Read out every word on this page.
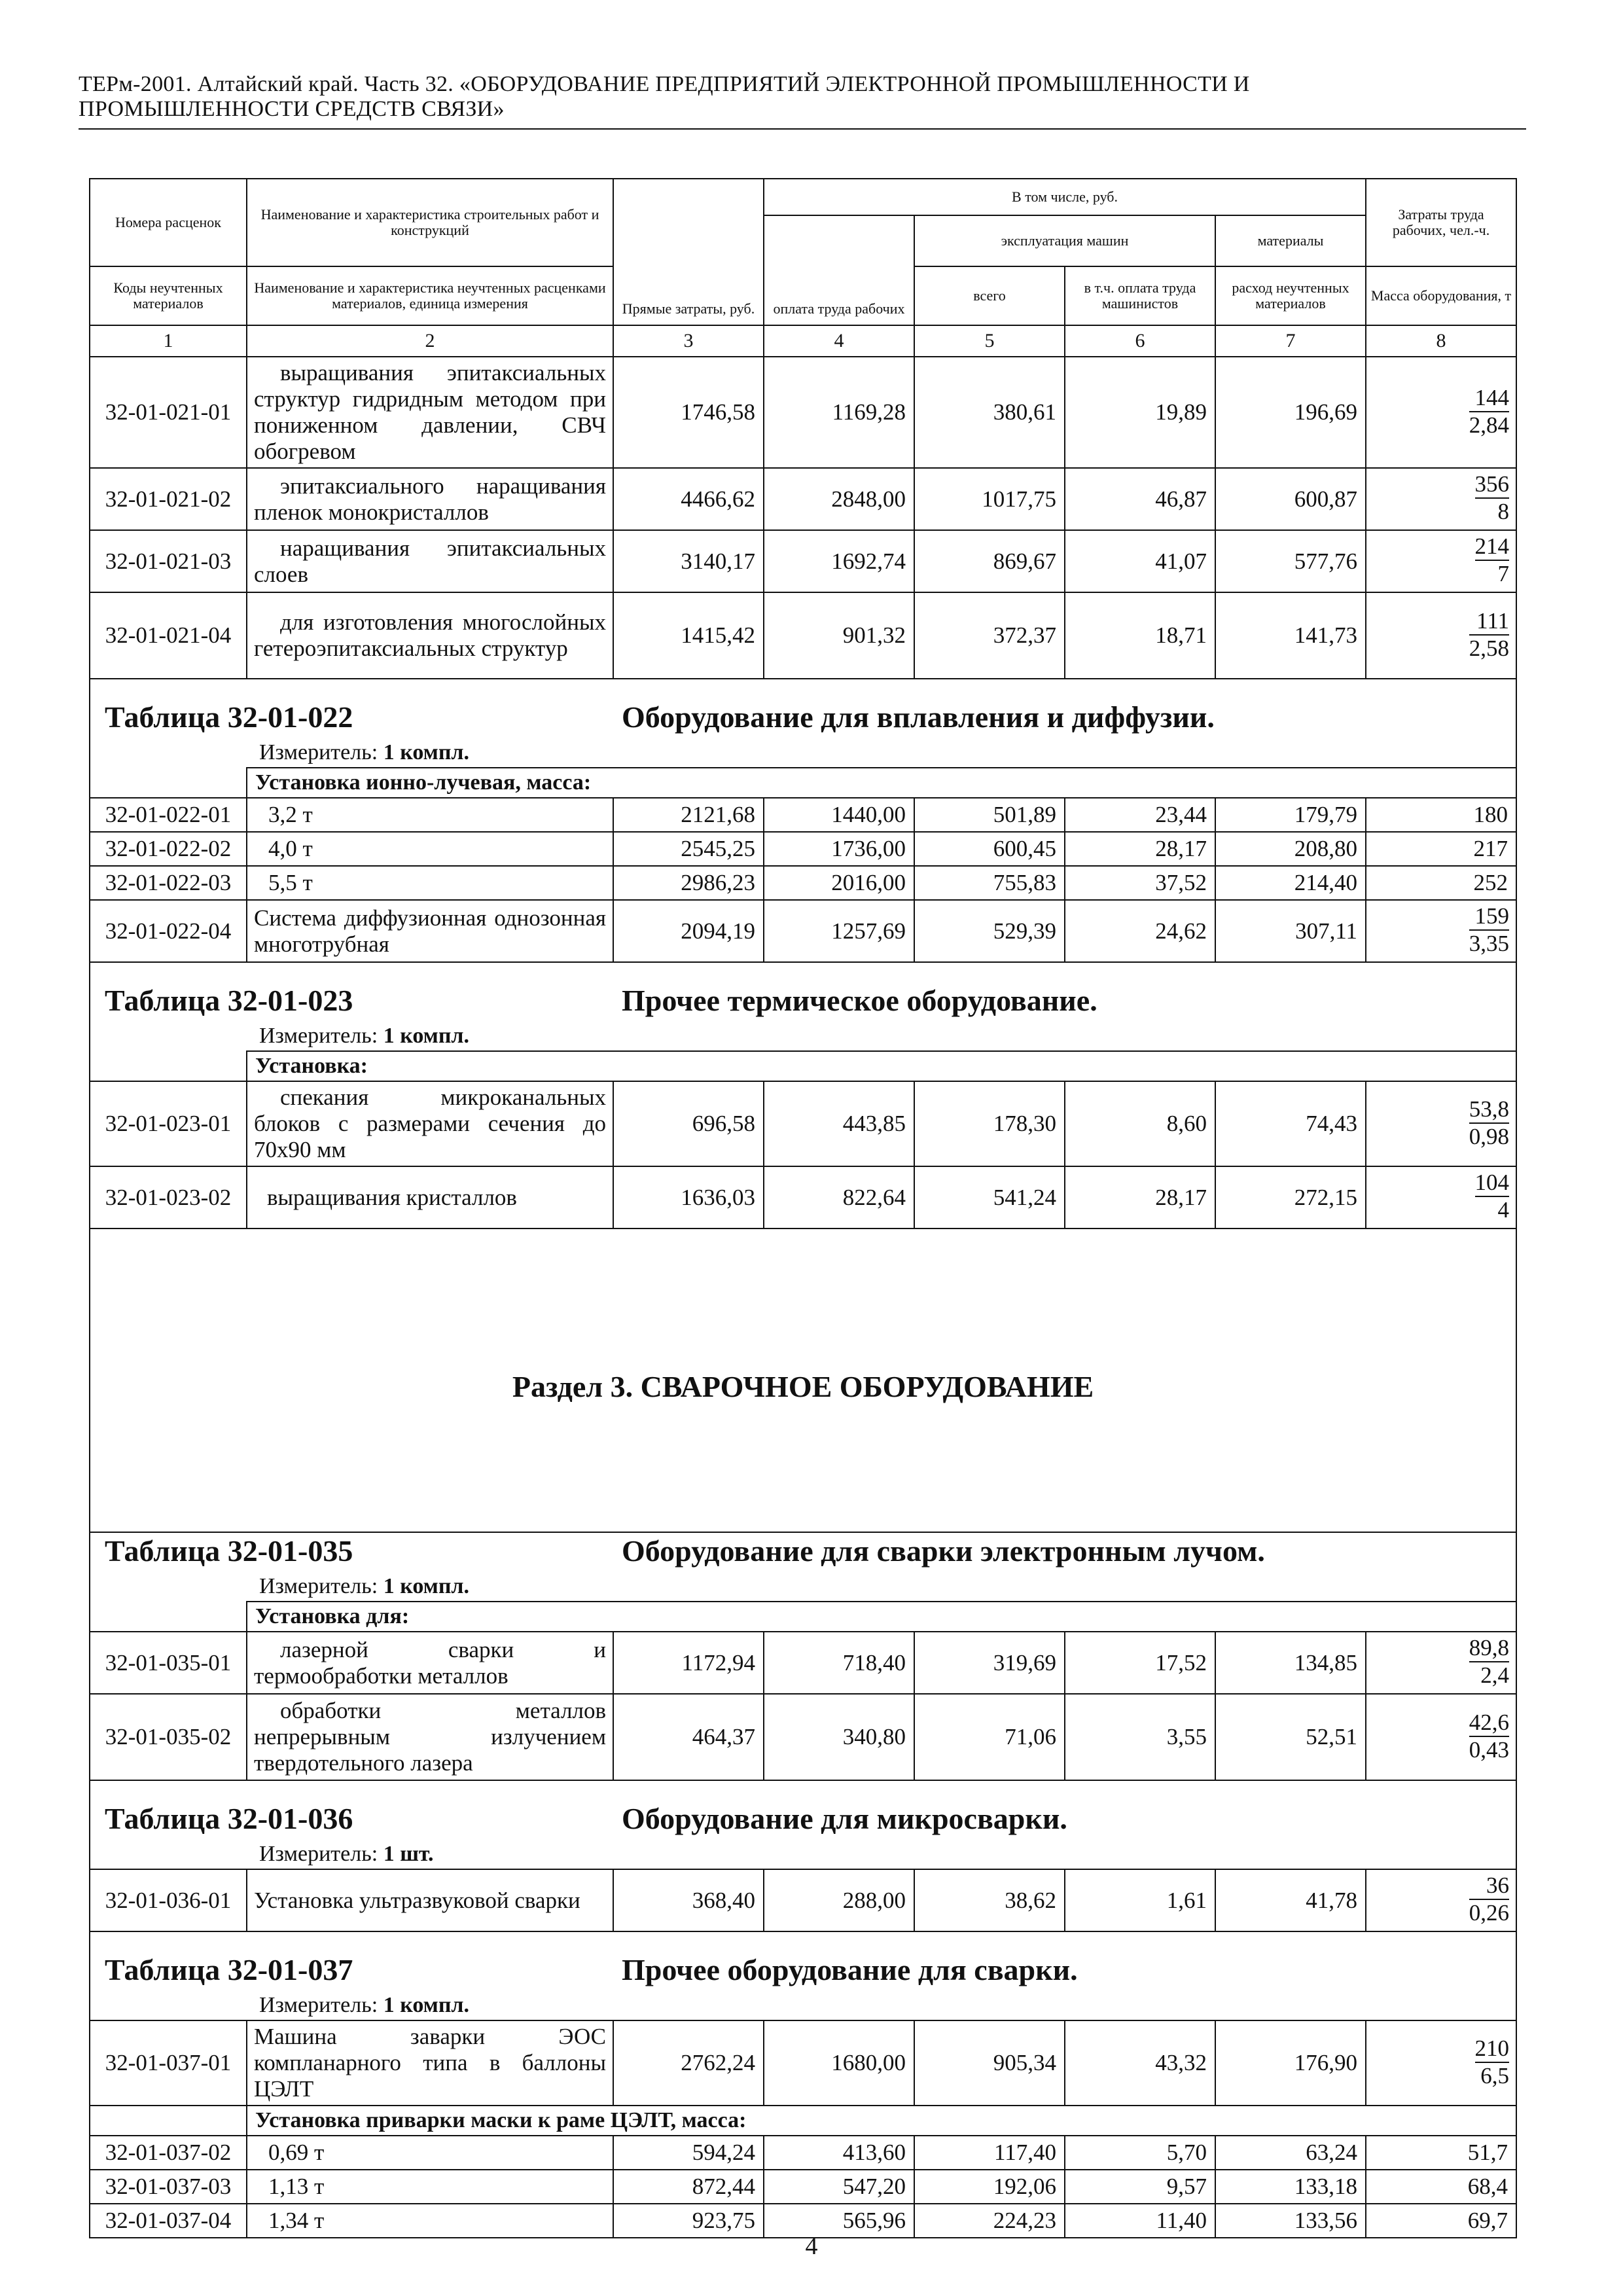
ТЕРм-2001. Алтайский край. Часть 32. «ОБОРУДОВАНИЕ ПРЕДПРИЯТИЙ ЭЛЕКТРОННОЙ ПРОМЫШЛЕННОСТИ И
ПРОМЫШЛЕННОСТИ СРЕДСТВ СВЯЗИ»
Номера расценок	Наименование и характеристика строительных работ и конструкций	Прямые затраты, руб.	В том числе, руб.				Затраты труда рабочих, чел.-ч.
			оплата труда рабочих	эксплуатация машин		материалы	
Коды неучтенных материалов	Наименование и характеристика неучтенных расценками материалов, единица измерения			всего	в т.ч. оплата труда машинистов	расход неучтенных материалов	Масса оборудования, т
1	2	3	4	5	6	7	8
32-01-021-01	выращивания эпитаксиальных структур гидридным методом при пониженном давлении, СВЧ обогревом	1746,58	1169,28	380,61	19,89	196,69	$\frac{144}{2,84}$

32-01-021-02	эпитаксиального наращивания пленок монокристаллов	4466,62	2848,00	1017,75	46,87	600,87	$\frac{356}{8}$

32-01-021-03	наращивания эпитаксиальных слоев	3140,17	1692,74	869,67	41,07	577,76	$\frac{214}{7}$

32-01-021-04	для изготовления многослойных гетероэпитаксиальных структур	1415,42	901,32	372,37	18,71	141,73	$\frac{111}{2,58}$

Таблица 32-01-022 Оборудование для вплавления и диффузии.
Измеритель: 1 компл.							

	Установка ионно-лучевая, масса:						
32-01-022-01	3,2 т	2121,68	1440,00	501,89	23,44	179,79	180
32-01-022-02	4,0 т	2545,25	1736,00	600,45	28,17	208,80	217
32-01-022-03	5,5 т	2986,23	2016,00	755,83	37,52	214,40	252
32-01-022-04	Система диффузионная однозонная многотрубная	2094,19	1257,69	529,39	24,62	307,11	$\frac{159}{3,35}$

Таблица 32-01-023 Прочее термическое оборудование.
Измеритель: 1 компл.							

	Установка:						
32-01-023-01	спекания микроканальных блоков с размерами сечения до 70х90 мм	696,58	443,85	178,30	8,60	74,43	$\frac{53,8}{0,98}$

32-01-023-02	выращивания кристаллов	1636,03	822,64	541,24	28,17	272,15	$\frac{104}{4}$

Раздел 3. СВАРОЧНОЕ ОБОРУДОВАНИЕ							

Таблица 32-01-035 Оборудование для сварки электронным лучом.
Измеритель: 1 компл.							

	Установка для:						
32-01-035-01	лазерной сварки и термообработки металлов	1172,94	718,40	319,69	17,52	134,85	$\frac{89,8}{2,4}$

32-01-035-02	обработки металлов непрерывным излучением твердотельного лазера	464,37	340,80	71,06	3,55	52,51	$\frac{42,6}{0,43}$

Таблица 32-01-036 Оборудование для микросварки.
Измеритель: 1 шт.							

32-01-036-01	Установка ультразвуковой сварки	368,40	288,00	38,62	1,61	41,78	$\frac{36}{0,26}$

Таблица 32-01-037 Прочее оборудование для сварки.
Измеритель: 1 компл.							

32-01-037-01	Машина заварки ЭОС компланарного типа в баллоны ЦЭЛТ	2762,24	1680,00	905,34	43,32	176,90	$\frac{210}{6,5}$

	Установка приварки маски к раме ЦЭЛТ, масса:						
32-01-037-02	0,69 т	594,24	413,60	117,40	5,70	63,24	51,7
32-01-037-03	1,13 т	872,44	547,20	192,06	9,57	133,18	68,4
32-01-037-04	1,34 т	923,75	565,96	224,23	11,40	133,56	69,7
4
